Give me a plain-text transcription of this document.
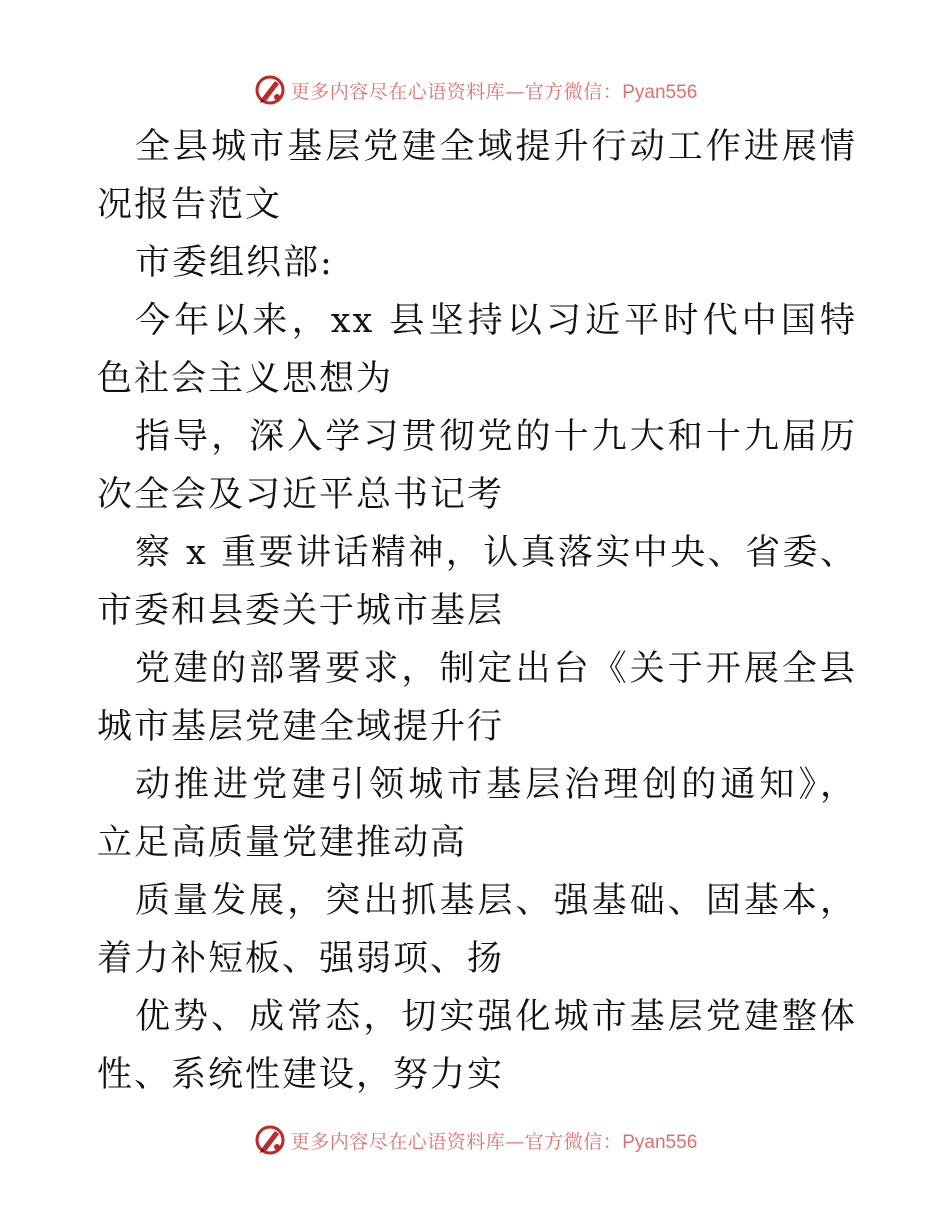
更多内容尽在心语资料库—官方微信：Pyan556

全县城市基层党建全域提升行动工作进展情况报告范文

市委组织部:

今年以来，xx 县坚持以习近平时代中国特色社会主义思想为

指导，深入学习贯彻党的十九大和十九届历次全会及习近平总书记考

察 x 重要讲话精神，认真落实中央、省委、市委和县委关于城市基层

党建的部署要求，制定出台《关于开展全县城市基层党建全域提升行

动推进党建引领城市基层治理创的通知》，立足高质量党建推动高

质量发展，突出抓基层、强基础、固基本，着力补短板、强弱项、扬

优势、成常态，切实强化城市基层党建整体性、系统性建设，努力实

更多内容尽在心语资料库—官方微信：Pyan556
